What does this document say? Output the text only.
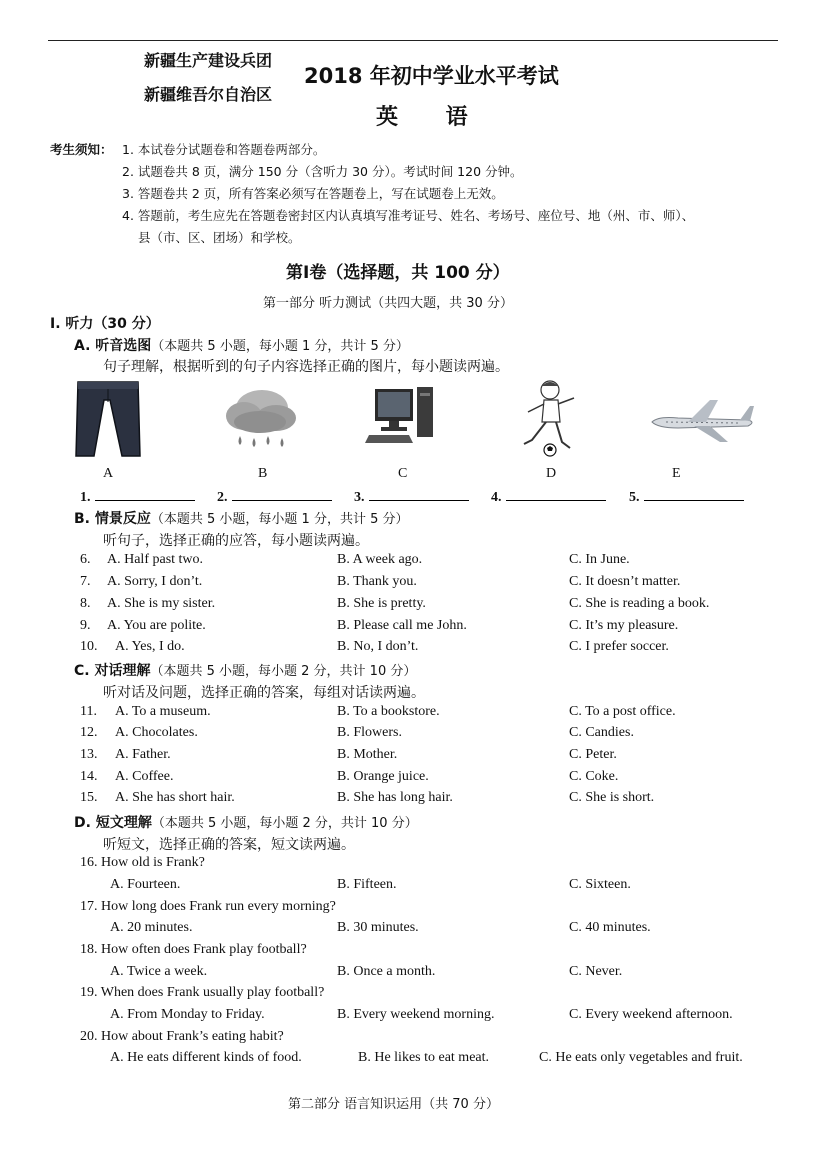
新疆生产建设兵团
新疆维吾尔自治区
2018 年初中学业水平考试
英 语
考生须知： 1. 本试卷分试题卷和答题卷两部分。
2. 试题卷共 8 页，满分 150 分（含听力 30 分）。考试时间 120 分钟。
3. 答题卷共 2 页，所有答案必须写在答题卷上，写在试题卷上无效。
4. 答题前，考生应先在答题卷密封区内认真填写准考证号、姓名、考场号、座位号、地（州、市、师）、
县（市、区、团场）和学校。
第Ⅰ卷（选择题，共 100 分）
第一部分 听力测试（共四大题，共 30 分）
I. 听力（30 分）
A. 听音选图（本题共 5 小题，每小题 1 分，共计 5 分）
句子理解，根据听到的句子内容选择正确的图片，每小题读两遍。
A	B	C	D	E
1.	2.	3.	4.	5.
B. 情景反应（本题共 5 小题，每小题 1 分，共计 5 分）
听句子，选择正确的应答，每小题读两遍。
6. A. Half past two.	B. A week ago.	C. In June.
7. A. Sorry, I don’t.	B. Thank you.	C. It doesn’t matter.
8. A. She is my sister.	B. She is pretty.	C. She is reading a book.
9. A. You are polite.	B. Please call me John.	C. It’s my pleasure.
10. A. Yes, I do.	B. No, I don’t.	C. I prefer soccer.
C. 对话理解（本题共 5 小题，每小题 2 分，共计 10 分）
听对话及问题，选择正确的答案，每组对话读两遍。
11. A. To a museum.	B. To a bookstore.	C. To a post office.
12. A. Chocolates.	B. Flowers.	C. Candies.
13. A. Father.	B. Mother.	C. Peter.
14. A. Coffee.	B. Orange juice.	C. Coke.
15. A. She has short hair.	B. She has long hair.	C. She is short.
D. 短文理解（本题共 5 小题，每小题 2 分，共计 10 分）
听短文，选择正确的答案，短文读两遍。
16. How old is Frank?
A. Fourteen.	B. Fifteen.	C. Sixteen.
17. How long does Frank run every morning?
A. 20 minutes.	B. 30 minutes.	C. 40 minutes.
18. How often does Frank play football?
A. Twice a week.	B. Once a month.	C. Never.
19. When does Frank usually play football?
A. From Monday to Friday.	B. Every weekend morning.	C. Every weekend afternoon.
20. How about Frank’s eating habit?
A. He eats different kinds of food.	B. He likes to eat meat.	C. He eats only vegetables and fruit.
第二部分 语言知识运用（共 70 分）
